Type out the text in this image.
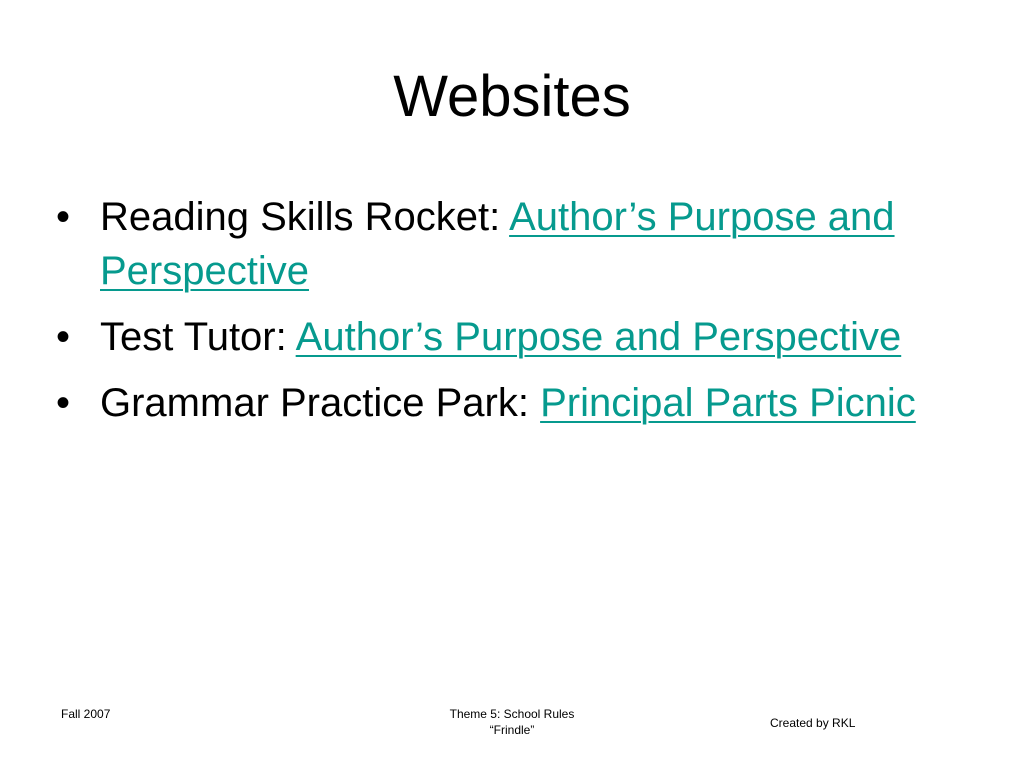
Websites
• Reading Skills Rocket: Author’s Purpose and Perspective
• Test Tutor: Author’s Purpose and Perspective
• Grammar Practice Park: Principal Parts Picnic
Fall 2007	Theme 5: School Rules
“Frindle”	Created by RKL
